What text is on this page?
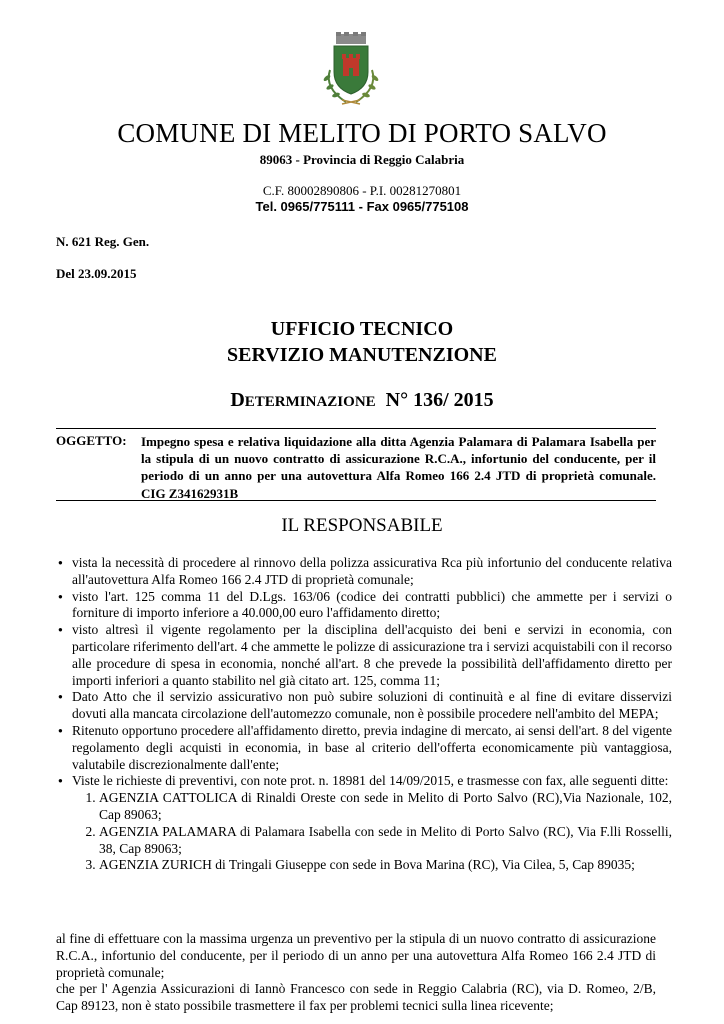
COMUNE DI MELITO DI PORTO SALVO
89063 - Provincia di Reggio Calabria
C.F. 80002890806 - P.I. 00281270801
Tel. 0965/775111 - Fax 0965/775108
N. 621 Reg. Gen.
Del 23.09.2015
UFFICIO TECNICO
SERVIZIO MANUTENZIONE
DETERMINAZIONE N° 136/ 2015
OGGETTO: Impegno spesa e relativa liquidazione alla ditta Agenzia Palamara di Palamara Isabella per la stipula di un nuovo contratto di assicurazione R.C.A., infortunio del conducente, per il periodo di un anno per una autovettura Alfa Romeo 166 2.4 JTD di proprietà comunale. CIG Z34162931B
IL RESPONSABILE
● vista la necessità di procedere al rinnovo della polizza assicurativa Rca più infortunio del conducente relativa all'autovettura Alfa Romeo 166 2.4 JTD di proprietà comunale;
● visto l'art. 125 comma 11 del D.Lgs. 163/06 (codice dei contratti pubblici) che ammette per i servizi o forniture di importo inferiore a 40.000,00 euro l'affidamento diretto;
● visto altresì il vigente regolamento per la disciplina dell'acquisto dei beni e servizi in economia, con particolare riferimento dell'art. 4 che ammette le polizze di assicurazione tra i servizi acquistabili con il recorso alle procedure di spesa in economia, nonché all'art. 8 che prevede la possibilità dell'affidamento diretto per importi inferiori a quanto stabilito nel già citato art. 125, comma 11;
● Dato Atto che il servizio assicurativo non può subire soluzioni di continuità e al fine di evitare disservizi dovuti alla mancata circolazione dell'automezzo comunale, non è possibile procedere nell'ambito del MEPA;
● Ritenuto opportuno procedere all'affidamento diretto, previa indagine di mercato, ai sensi dell'art. 8 del vigente regolamento degli acquisti in economia, in base al criterio dell'offerta economicamente più vantaggiosa, valutabile discrezionalmente dall'ente;
● Viste le richieste di preventivi, con note prot. n. 18981 del 14/09/2015, e trasmesse con fax, alle seguenti ditte:
1. AGENZIA CATTOLICA di Rinaldi Oreste con sede in Melito di Porto Salvo (RC),Via Nazionale, 102, Cap 89063;
2. AGENZIA PALAMARA di Palamara Isabella con sede in Melito di Porto Salvo (RC), Via F.lli Rosselli, 38, Cap 89063;
3. AGENZIA ZURICH di Tringali Giuseppe con sede in Bova Marina (RC), Via Cilea, 5, Cap 89035;
al fine di effettuare con la massima urgenza un preventivo per la stipula di un nuovo contratto di assicurazione R.C.A., infortunio del conducente, per il periodo di un anno per una autovettura Alfa Romeo 166 2.4 JTD di proprietà comunale;
che per l' Agenzia Assicurazioni di Iannò Francesco con sede in Reggio Calabria (RC), via D. Romeo, 2/B, Cap 89123, non è stato possibile trasmettere il fax per problemi tecnici sulla linea ricevente;
